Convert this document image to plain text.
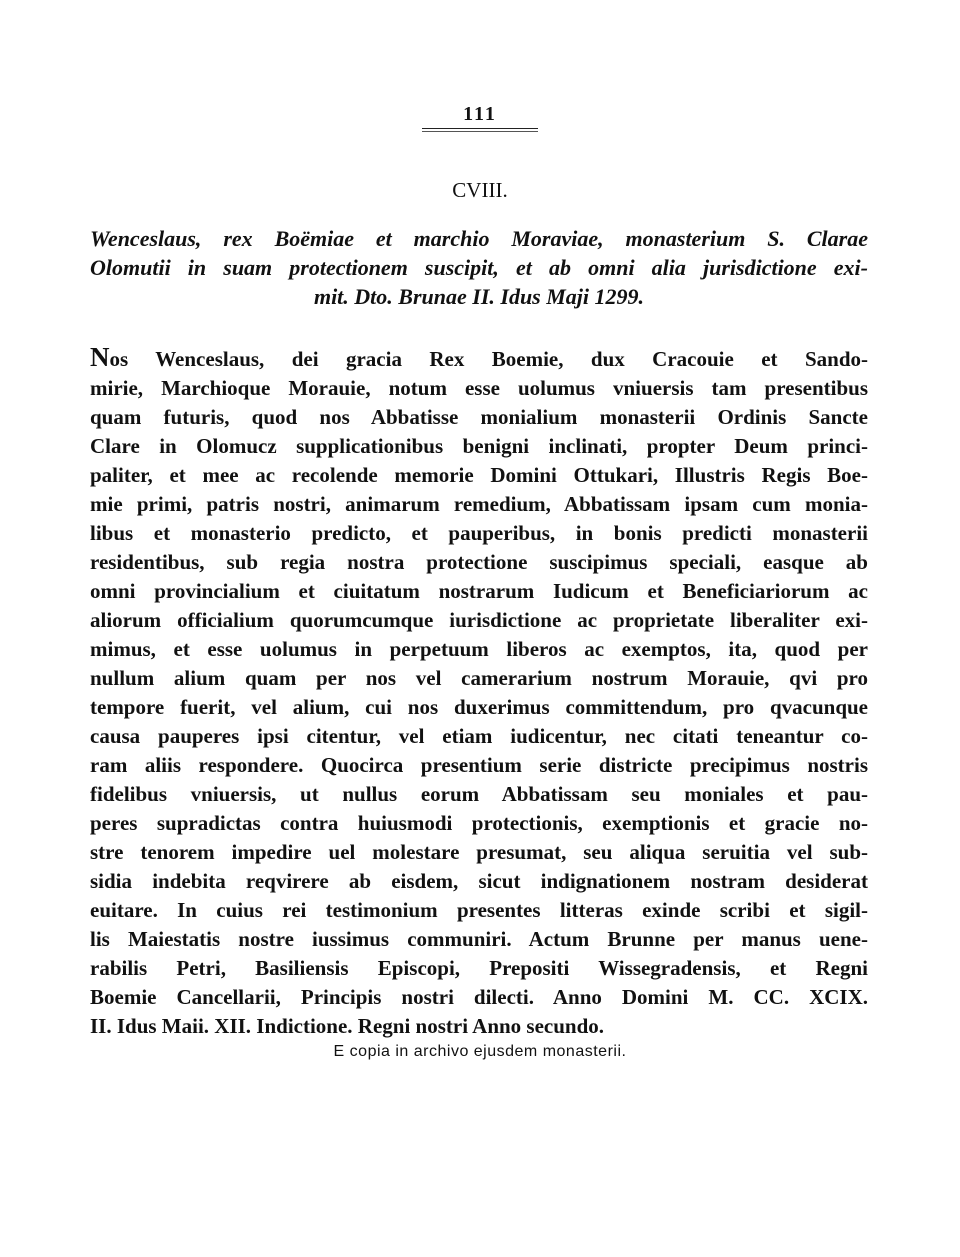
111
CVIII.
Wenceslaus, rex Boëmiae et marchio Moraviae, monasterium S. Clarae
Olomutii in suam protectionem suscipit, et ab omni alia jurisdictione exi-
mit. Dto. Brunae II. Idus Maji 1299.
Nos Wenceslaus, dei gracia Rex Boemie, dux Cracouie et Sando-
mirie, Marchioque Morauie, notum esse uolumus vniuersis tam presentibus
quam futuris, quod nos Abbatisse monialium monasterii Ordinis Sancte
Clare in Olomucz supplicationibus benigni inclinati, propter Deum princi-
paliter, et mee ac recolende memorie Domini Ottukari, Illustris Regis Boe-
mie primi, patris nostri, animarum remedium, Abbatissam ipsam cum monia-
libus et monasterio predicto, et pauperibus, in bonis predicti monasterii
residentibus, sub regia nostra protectione suscipimus speciali, easque ab
omni provincialium et ciuitatum nostrarum Iudicum et Beneficiariorum ac
aliorum officialium quorumcumque iurisdictione ac proprietate liberaliter exi-
mimus, et esse uolumus in perpetuum liberos ac exemptos, ita, quod per
nullum alium quam per nos vel camerarium nostrum Morauie, qvi pro
tempore fuerit, vel alium, cui nos duxerimus committendum, pro qvacunque
causa pauperes ipsi citentur, vel etiam iudicentur, nec citati teneantur co-
ram aliis respondere. Quocirca presentium serie districte precipimus nostris
fidelibus vniuersis, ut nullus eorum Abbatissam seu moniales et pau-
peres supradictas contra huiusmodi protectionis, exemptionis et gracie no-
stre tenorem impedire uel molestare presumat, seu aliqua seruitia vel sub-
sidia indebita reqvirere ab eisdem, sicut indignationem nostram desiderat
euitare. In cuius rei testimonium presentes litteras exinde scribi et sigil-
lis Maiestatis nostre iussimus communiri. Actum Brunne per manus uene-
rabilis Petri, Basiliensis Episcopi, Prepositi Wissegradensis, et Regni
Boemie Cancellarii, Principis nostri dilecti. Anno Domini M. CC. XCIX.
II. Idus Maii. XII. Indictione. Regni nostri Anno secundo.
E copia in archivo ejusdem monasterii.
